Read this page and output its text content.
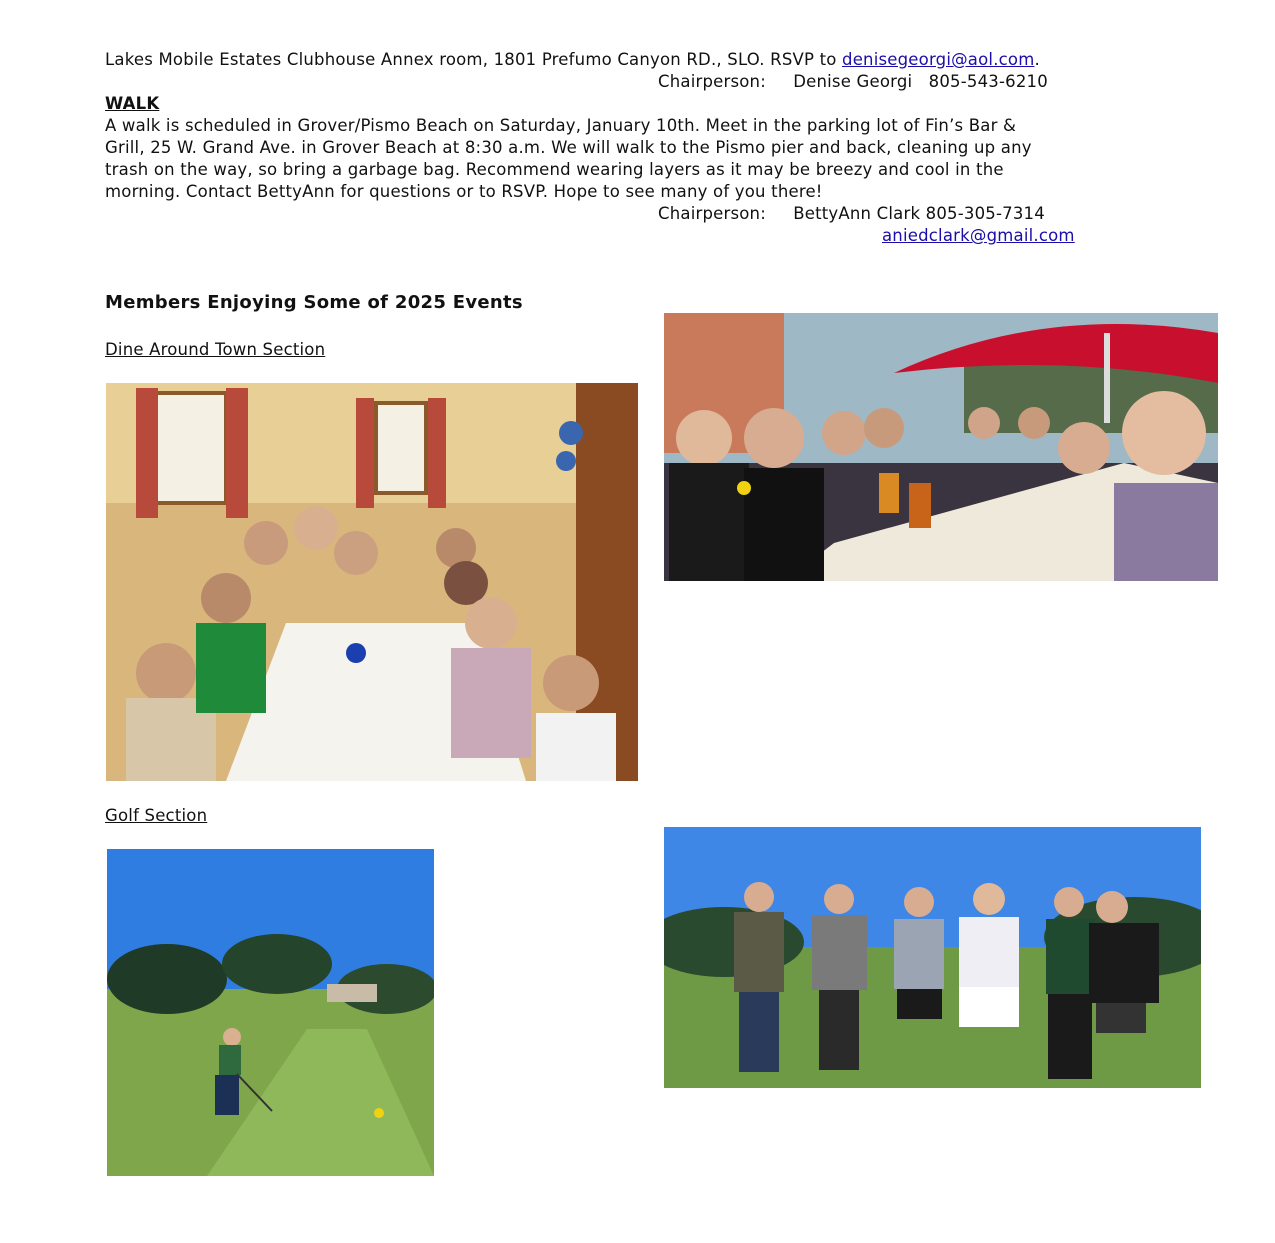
Lakes Mobile Estates Clubhouse Annex room, 1801 Prefumo Canyon RD., SLO. RSVP to denisegeorgi@aol.com.
Chairperson: Denise Georgi 805-543-6210
WALK
A walk is scheduled in Grover/Pismo Beach on Saturday, January 10th. Meet in the parking lot of Fin’s Bar &
Grill, 25 W. Grand Ave. in Grover Beach at 8:30 a.m. We will walk to the Pismo pier and back, cleaning up any
trash on the way, so bring a garbage bag. Recommend wearing layers as it may be breezy and cool in the
morning. Contact BettyAnn for questions or to RSVP. Hope to see many of you there!
Chairperson: BettyAnn Clark 805-305-7314
aniedclark@gmail.com
Members Enjoying Some of 2025 Events
Dine Around Town Section
Golf Section
